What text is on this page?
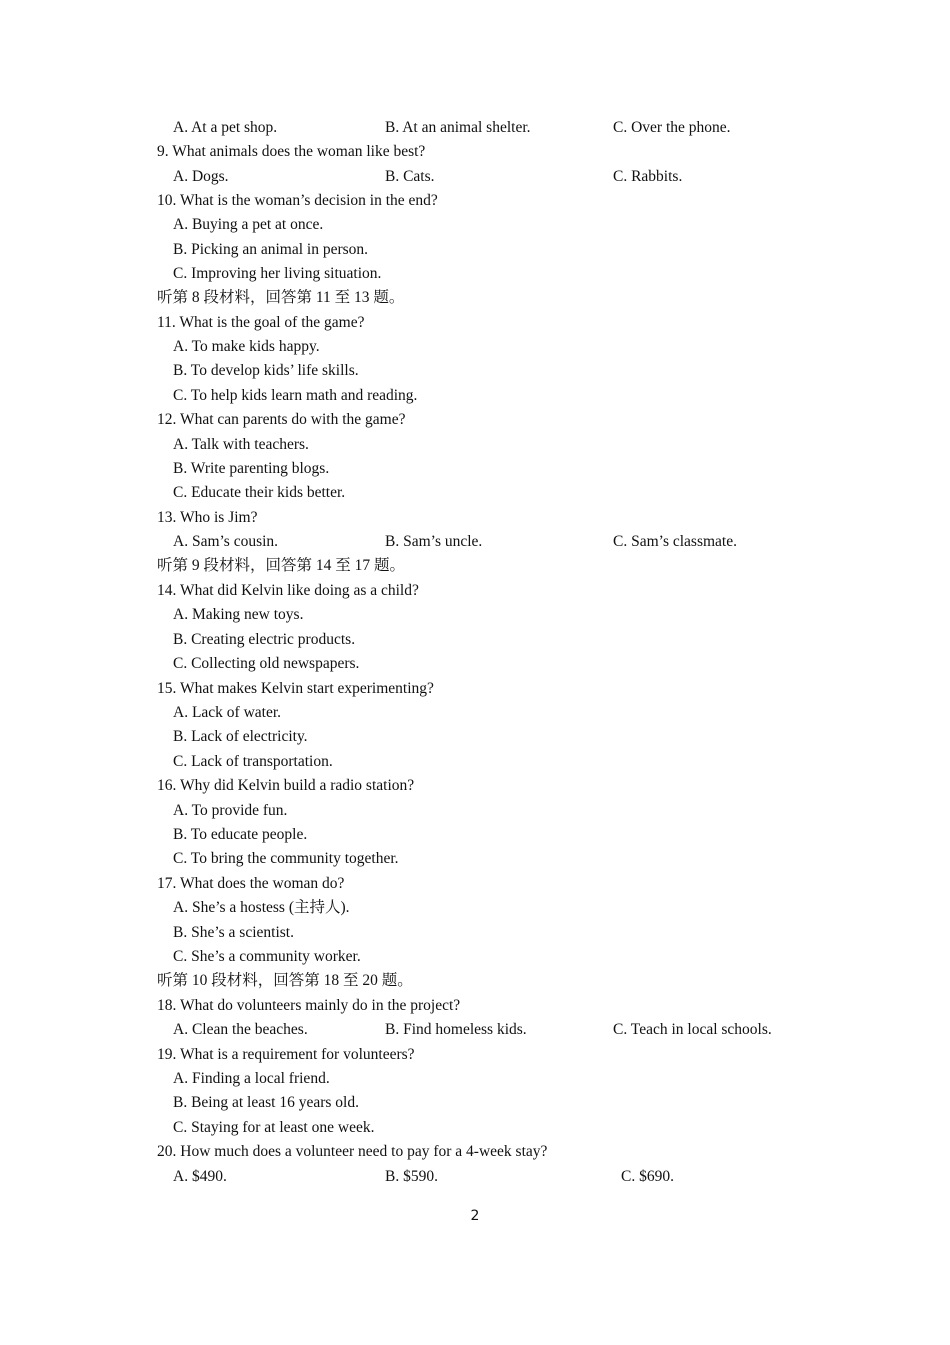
A. At a pet shop.	B. At an animal shelter.	C. Over the phone.
9. What animals does the woman like best?
A. Dogs.	B. Cats.	C. Rabbits.
10. What is the woman’s decision in the end?
A. Buying a pet at once.
B. Picking an animal in person.
C. Improving her living situation.
听第 8 段材料，回答第 11 至 13 题。
11. What is the goal of the game?
A. To make kids happy.
B. To develop kids’ life skills.
C. To help kids learn math and reading.
12. What can parents do with the game?
A. Talk with teachers.
B. Write parenting blogs.
C. Educate their kids better.
13. Who is Jim?
A. Sam’s cousin.	B. Sam’s uncle.	C. Sam’s classmate.
听第 9 段材料，回答第 14 至 17 题。
14. What did Kelvin like doing as a child?
A. Making new toys.
B. Creating electric products.
C. Collecting old newspapers.
15. What makes Kelvin start experimenting?
A. Lack of water.
B. Lack of electricity.
C. Lack of transportation.
16. Why did Kelvin build a radio station?
A. To provide fun.
B. To educate people.
C. To bring the community together.
17. What does the woman do?
A. She’s a hostess (主持人).
B. She’s a scientist.
C. She’s a community worker.
听第 10 段材料，回答第 18 至 20 题。
18. What do volunteers mainly do in the project?
A. Clean the beaches.	B. Find homeless kids.	C. Teach in local schools.
19. What is a requirement for volunteers?
A. Finding a local friend.
B. Being at least 16 years old.
C. Staying for at least one week.
20. How much does a volunteer need to pay for a 4-week stay?
A. $490.	B. $590.	C. $690.
2
